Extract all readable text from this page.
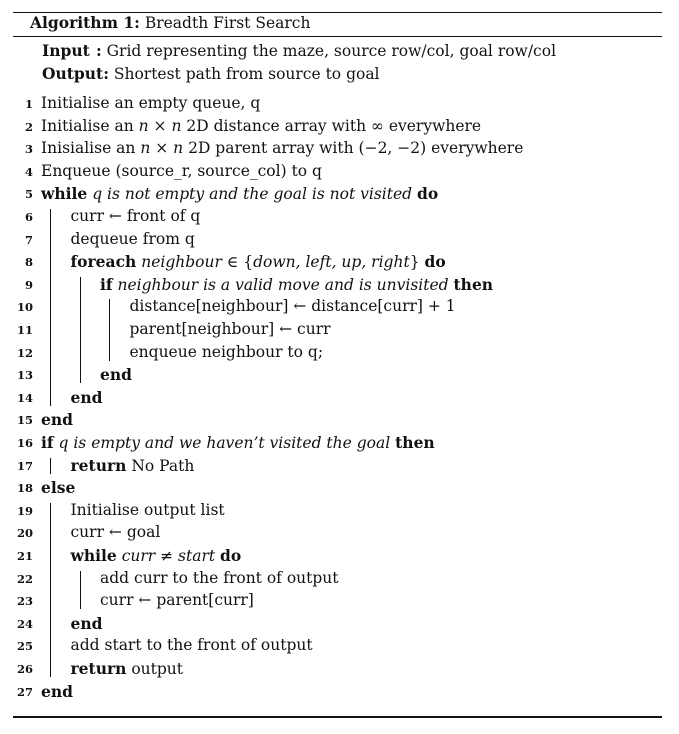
Algorithm 1: Breadth First Search
Input : Grid representing the maze, source row/col, goal row/col
Output: Shortest path from source to goal
1 Initialise an empty queue, q
2 Initialise an n × n 2D distance array with ∞ everywhere
3 Inisialise an n × n 2D parent array with (−2, −2) everywhere
4 Enqueue (source_r, source_col) to q
5 while q is not empty and the goal is not visited do
6 curr ← front of q
7 dequeue from q
8 foreach neighbour ∈ {down, left, up, right} do
9	if neighbour is a valid move and is unvisited then
10	distance[neighbour] ← distance[curr] + 1
11	parent[neighbour] ← curr
12	enqueue neighbour to q;
13	end
14 end
15 end
16 if q is empty and we haven’t visited the goal then
17 return No Path
18 else
19 Initialise output list
20 curr ← goal
21 while curr ≠ start do
22	add curr to the front of output
23	curr ← parent[curr]
24 end
25 add start to the front of output
26 return output
27 end
